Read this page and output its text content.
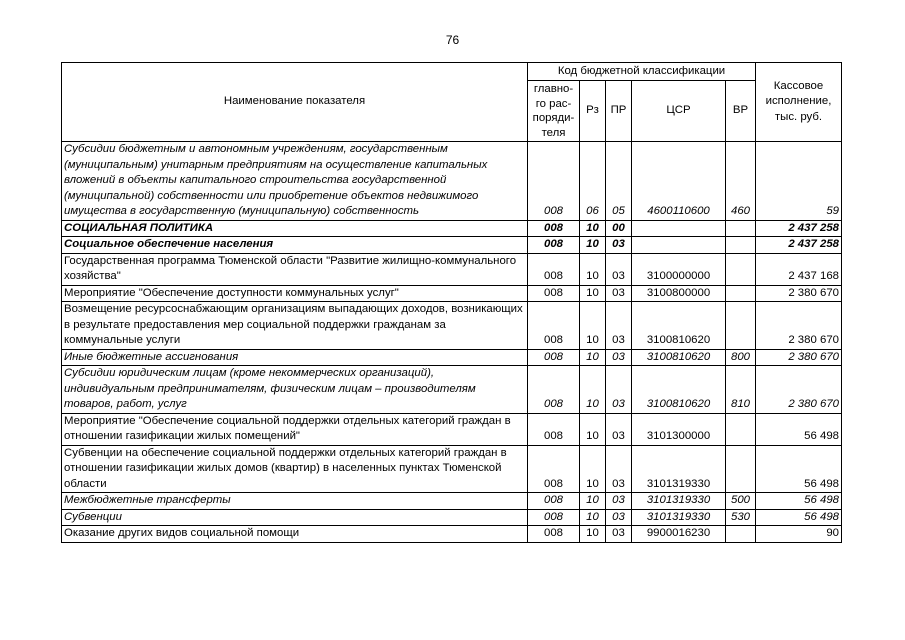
76
Наименование показателя	Код бюджетной классификации					Кассовое исполнение, тыс. руб.
	главно-го рас-поряди-теля	Рз	ПР	ЦСР	ВР	
Субсидии бюджетным и автономным учреждениям, государственным (муниципальным) унитарным предприятиям на осуществление капитальных вложений в объекты капитального строительства государственной (муниципальной) собственности или приобретение объектов недвижимого имущества в государственную (муниципальную) собственность	008	06	05	4600110600	460	59
СОЦИАЛЬНАЯ ПОЛИТИКА	008	10	00			2 437 258
Социальное обеспечение населения	008	10	03			2 437 258
Государственная программа Тюменской области "Развитие жилищно-коммунального хозяйства"	008	10	03	3100000000		2 437 168
Мероприятие "Обеспечение доступности коммунальных услуг"	008	10	03	3100800000		2 380 670
Возмещение ресурсоснабжающим организациям выпадающих доходов, возникающих в результате предоставления мер социальной поддержки гражданам за коммунальные услуги	008	10	03	3100810620		2 380 670
Иные бюджетные ассигнования	008	10	03	3100810620	800	2 380 670
Субсидии юридическим лицам (кроме некоммерческих организаций), индивидуальным предпринимателям, физическим лицам – производителям товаров, работ, услуг	008	10	03	3100810620	810	2 380 670
Мероприятие "Обеспечение социальной поддержки отдельных категорий граждан в отношении газификации жилых помещений"	008	10	03	3101300000		56 498
Субвенции на обеспечение социальной поддержки отдельных категорий граждан в отношении газификации жилых домов (квартир) в населенных пунктах Тюменской области	008	10	03	3101319330		56 498
Межбюджетные трансферты	008	10	03	3101319330	500	56 498
Субвенции	008	10	03	3101319330	530	56 498
Оказание других видов социальной помощи	008	10	03	9900016230		90
